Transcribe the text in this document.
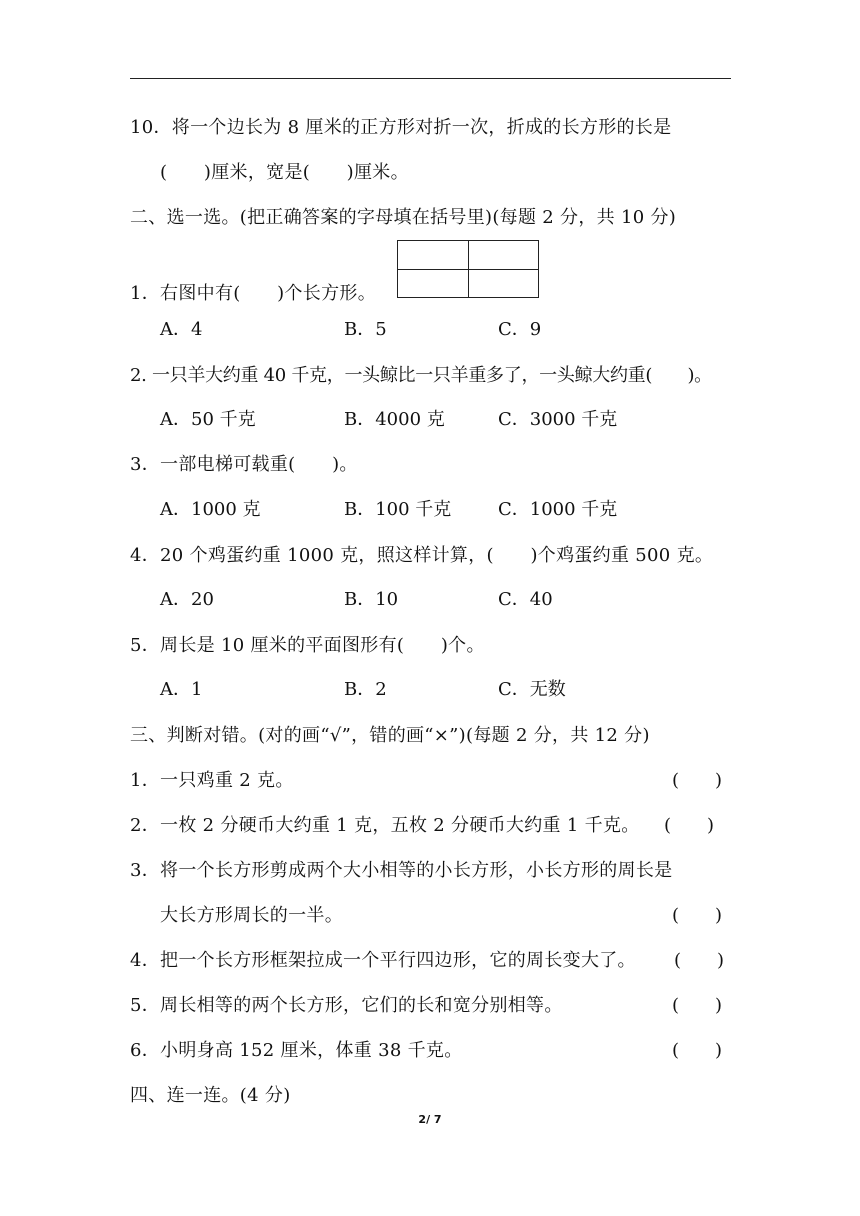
10．将一个边长为 8 厘米的正方形对折一次，折成的长方形的长是
(　　)厘米，宽是(　　)厘米。
二、选一选。(把正确答案的字母填在括号里)(每题 2 分，共 10 分)
1．右图中有(　　)个长方形。
A．4	B．5	C．9
2. 一只羊大约重 40 千克，一头鲸比一只羊重多了，一头鲸大约重(　　)。
A．50 千克	B．4000 克	C．3000 千克
3．一部电梯可载重(　　)。
A．1000 克	B．100 千克	C．1000 千克
4．20 个鸡蛋约重 1000 克，照这样计算，(　　)个鸡蛋约重 500 克。
A．20	B．10	C．40
5．周长是 10 厘米的平面图形有(　　)个。
A．1	B．2	C．无数
三、判断对错。(对的画“√”，错的画“×”)(每题 2 分，共 12 分)
1．一只鸡重 2 克。	(　　)
2．一枚 2 分硬币大约重 1 克，五枚 2 分硬币大约重 1 千克。 (　　)
3．将一个长方形剪成两个大小相等的小长方形，小长方形的周长是
大长方形周长的一半。	(　　)
4．把一个长方形框架拉成一个平行四边形，它的周长变大了。 (　　)
5．周长相等的两个长方形，它们的长和宽分别相等。	(　　)
6．小明身高 152 厘米，体重 38 千克。	(　　)
四、连一连。(4 分)
2/ 7
